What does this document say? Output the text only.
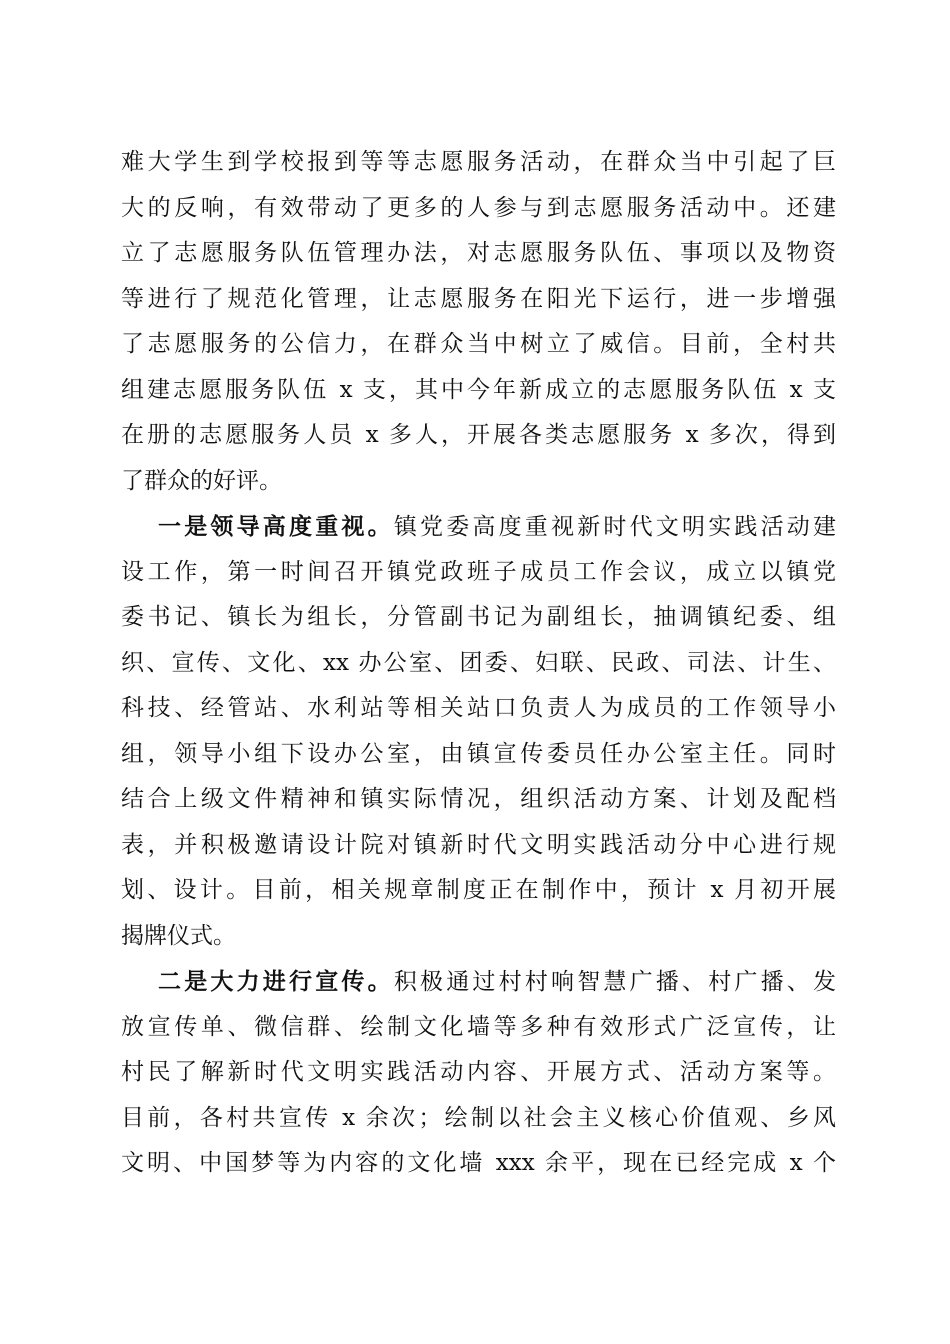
难大学生到学校报到等等志愿服务活动，在群众当中引起了巨
大的反响，有效带动了更多的人参与到志愿服务活动中。还建
立了志愿服务队伍管理办法，对志愿服务队伍、事项以及物资
等进行了规范化管理，让志愿服务在阳光下运行，进一步增强
了志愿服务的公信力，在群众当中树立了威信。目前，全村共
组建志愿服务队伍 x 支，其中今年新成立的志愿服务队伍 x 支
在册的志愿服务人员 x 多人，开展各类志愿服务 x 多次，得到
了群众的好评。
一是领导高度重视。镇党委高度重视新时代文明实践活动建
设工作，第一时间召开镇党政班子成员工作会议，成立以镇党
委书记、镇长为组长，分管副书记为副组长，抽调镇纪委、组
织、宣传、文化、xx 办公室、团委、妇联、民政、司法、计生、
科技、经管站、水利站等相关站口负责人为成员的工作领导小
组，领导小组下设办公室，由镇宣传委员任办公室主任。同时
结合上级文件精神和镇实际情况，组织活动方案、计划及配档
表，并积极邀请设计院对镇新时代文明实践活动分中心进行规
划、设计。目前，相关规章制度正在制作中，预计 x 月初开展
揭牌仪式。
二是大力进行宣传。积极通过村村响智慧广播、村广播、发
放宣传单、微信群、绘制文化墙等多种有效形式广泛宣传，让
村民了解新时代文明实践活动内容、开展方式、活动方案等。
目前，各村共宣传 x 余次；绘制以社会主义核心价值观、乡风
文明、中国梦等为内容的文化墙 xxx 余平，现在已经完成 x 个
